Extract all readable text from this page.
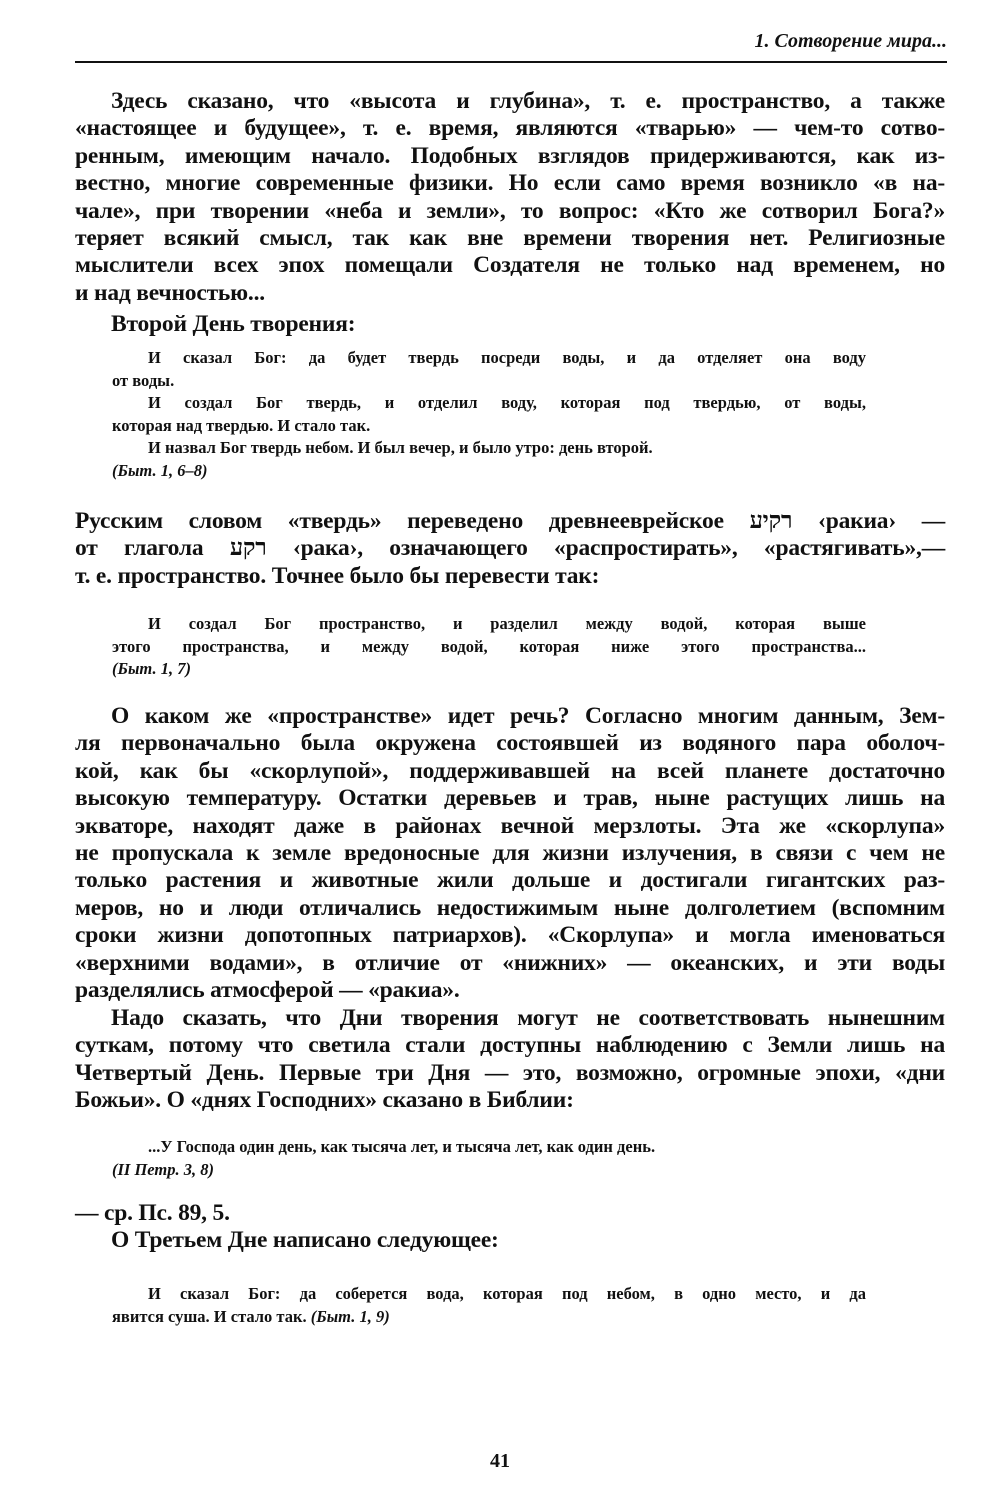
1. Сотворение мира...
Здесь сказано, что «высота и глубина», т. е. пространство, а также
«настоящее и будущее», т. е. время, являются «тварью» — чем-то сотво-
ренным, имеющим начало. Подобных взглядов придерживаются, как из-
вестно, многие современные физики. Но если само время возникло «в на-
чале», при творении «неба и земли», то вопрос: «Кто же сотворил Бога?»
теряет всякий смысл, так как вне времени творения нет. Религиозные
мыслители всех эпох помещали Создателя не только над временем, но
и над вечностью...
Второй День творения:
И сказал Бог: да будет твердь посреди воды, и да отделяет она воду
от воды.
И создал Бог твердь, и отделил воду, которая под твердью, от воды,
которая над твердью. И стало так.
И назвал Бог твердь небом. И был вечер, и было утро: день второй.
(Быт. 1, 6–8)
Русским словом «твердь» переведено древнееврейское רקיע ‹ракиа› —
от глагола רקע ‹рака›, означающего «распростирать», «растягивать»,—
т. е. пространство. Точнее было бы перевести так:
И создал Бог пространство, и разделил между водой, которая выше
этого пространства, и между водой, которая ниже этого пространства...
(Быт. 1, 7)
О каком же «пространстве» идет речь? Согласно многим данным, Зем-
ля первоначально была окружена состоявшей из водяного пара оболоч-
кой, как бы «скорлупой», поддерживавшей на всей планете достаточно
высокую температуру. Остатки деревьев и трав, ныне растущих лишь на
экваторе, находят даже в районах вечной мерзлоты. Эта же «скорлупа»
не пропускала к земле вредоносные для жизни излучения, в связи с чем не
только растения и животные жили дольше и достигали гигантских раз-
меров, но и люди отличались недостижимым ныне долголетием (вспомним
сроки жизни допотопных патриархов). «Скорлупа» и могла именоваться
«верхними водами», в отличие от «нижних» — океанских, и эти воды
разделялись атмосферой — «ракиа».
Надо сказать, что Дни творения могут не соответствовать нынешним
суткам, потому что светила стали доступны наблюдению с Земли лишь на
Четвертый День. Первые три Дня — это, возможно, огромные эпохи, «дни
Божьи». О «днях Господних» сказано в Библии:
...У Господа один день, как тысяча лет, и тысяча лет, как один день.
(II Петр. 3, 8)
— ср. Пс. 89, 5.
О Третьем Дне написано следующее:
И сказал Бог: да соберется вода, которая под небом, в одно место, и да
явится суша. И стало так. (Быт. 1, 9)
41
